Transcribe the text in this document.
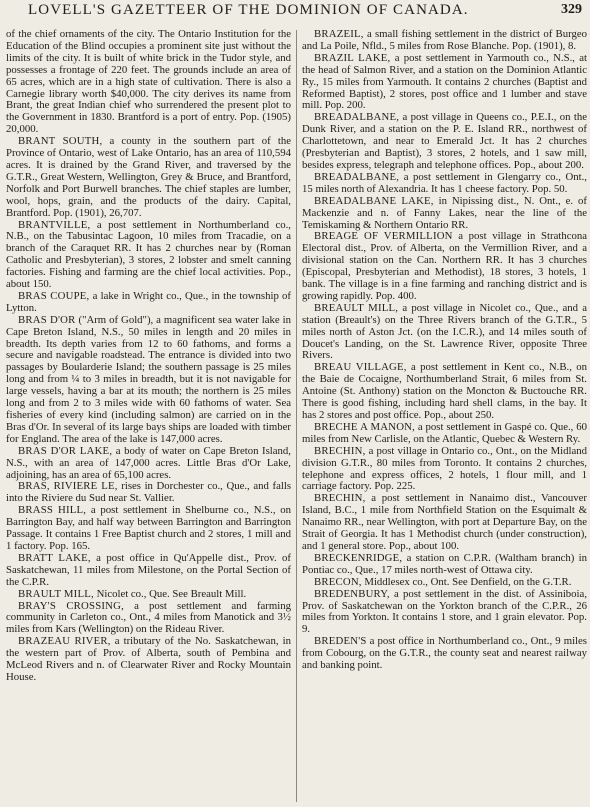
LOVELL'S GAZETTEER OF THE DOMINION OF CANADA.	329

of the chief ornaments of the city. The Ontario Institution for the Education of the Blind occupies a prominent site just without the limits of the city. It is built of white brick in the Tudor style, and possesses a frontage of 220 feet. The grounds include an area of 65 acres, which are in a high state of cultivation. There is also a Carnegie library worth $40,000. The city derives its name from Brant, the great Indian chief who surrendered the present plot to the Government in 1830. Brantford is a port of entry. Pop. (1905) 20,000.

BRANT SOUTH, a county in the southern part of the Province of Ontario, west of Lake Ontario, has an area of 110,594 acres. It is drained by the Grand River, and traversed by the G.T.R., Great Western, Wellington, Grey & Bruce, and Brantford, Norfolk and Port Burwell branches. The chief staples are lumber, wool, hops, grain, and the products of the dairy. Capital, Brantford. Pop. (1901), 26,707.

BRANTVILLE, a post settlement in Northumberland co., N.B., on the Tabusintac Lagoon, 10 miles from Tracadie, on a branch of the Caraquet RR. It has 2 churches near by (Roman Catholic and Presbyterian), 3 stores, 2 lobster and smelt canning factories. Fishing and farming are the chief local activities. Pop., about 150.

BRAS COUPE, a lake in Wright co., Que., in the township of Lytton.

BRAS D'OR ("Arm of Gold"), a magnificent sea water lake in Cape Breton Island, N.S., 50 miles in length and 20 miles in breadth. Its depth varies from 12 to 60 fathoms, and forms a secure and navigable roadstead. The entrance is divided into two passages by Boularderie Island; the southern passage is 25 miles long and from ¼ to 3 miles in breadth, but it is not navigable for large vessels, having a bar at its mouth; the northern is 25 miles long and from 2 to 3 miles wide with 60 fathoms of water. Sea fisheries of every kind (including salmon) are carried on in the Bras d'Or. In several of its large bays ships are loaded with timber for England. The area of the lake is 147,000 acres.

BRAS D'OR LAKE, a body of water on Cape Breton Island, N.S., with an area of 147,000 acres. Little Bras d'Or Lake, adjoining, has an area of 65,100 acres.

BRAS, RIVIERE LE, rises in Dorchester co., Que., and falls into the Riviere du Sud near St. Vallier.

BRASS HILL, a post settlement in Shelburne co., N.S., on Barrington Bay, and half way between Barrington and Barrington Passage. It contains 1 Free Baptist church and 2 stores, 1 mill and 1 factory. Pop. 165.

BRATT LAKE, a post office in Qu'Appelle dist., Prov. of Saskatchewan, 11 miles from Milestone, on the Portal Section of the C.P.R.

BRAULT MILL, Nicolet co., Que. See Breault Mill.

BRAY'S CROSSING, a post settlement and farming community in Carleton co., Ont., 4 miles from Manotick and 3½ miles from Kars (Wellington) on the Rideau River.

BRAZEAU RIVER, a tributary of the No. Saskatchewan, in the western part of Prov. of Alberta, south of Pembina and McLeod Rivers and n. of Clearwater River and Rocky Mountain House.

BRAZEIL, a small fishing settlement in the district of Burgeo and La Poile, Nfld., 5 miles from Rose Blanche. Pop. (1901), 8.

BRAZIL LAKE, a post settlement in Yarmouth co., N.S., at the head of Salmon River, and a station on the Dominion Atlantic Ry., 15 miles from Yarmouth. It contains 2 churches (Baptist and Reformed Baptist), 2 stores, post office and 1 lumber and stave mill. Pop. 200.

BREADALBANE, a post village in Queens co., P.E.I., on the Dunk River, and a station on the P. E. Island RR., northwest of Charlottetown, and near to Emerald Jct. It has 2 churches (Presbyterian and Baptist), 3 stores, 2 hotels, and 1 saw mill, besides express, telegraph and telephone offices. Pop., about 200.

BREADALBANE, a post settlement in Glengarry co., Ont., 15 miles north of Alexandria. It has 1 cheese factory. Pop. 50.

BREADALBANE LAKE, in Nipissing dist., N. Ont., e. of Mackenzie and n. of Fanny Lakes, near the line of the Temiskaming & Northern Ontario RR.

BREAGE OF VERMILLION a post village in Strathcona Electoral dist., Prov. of Alberta, on the Vermillion River, and a divisional station on the Can. Northern RR. It has 3 churches (Episcopal, Presbyterian and Methodist), 18 stores, 3 hotels, 1 bank. The village is in a fine farming and ranching district and is growing rapidly. Pop. 400.

BREAULT MILL, a post village in Nicolet co., Que., and a station (Breault's) on the Three Rivers branch of the G.T.R., 5 miles north of Aston Jct. (on the I.C.R.), and 14 miles south of Doucet's Landing, on the St. Lawrence River, opposite Three Rivers.

BREAU VILLAGE, a post settlement in Kent co., N.B., on the Baie de Cocaigne, Northumberland Strait, 6 miles from St. Antoine (St. Anthony) station on the Moncton & Buctouche RR. There is good fishing, including hard shell clams, in the bay. It has 2 stores and post office. Pop., about 250.

BRECHE A MANON, a post settlement in Gaspé co. Que., 60 miles from New Carlisle, on the Atlantic, Quebec & Western Ry.

BRECHIN, a post village in Ontario co., Ont., on the Midland division G.T.R., 80 miles from Toronto. It contains 2 churches, telephone and express offices, 2 hotels, 1 flour mill, and 1 carriage factory. Pop. 225.

BRECHIN, a post settlement in Nanaimo dist., Vancouver Island, B.C., 1 mile from Northfield Station on the Esquimalt & Nanaimo RR., near Wellington, with port at Departure Bay, on the Strait of Georgia. It has 1 Methodist church (under construction), and 1 general store. Pop., about 100.

BRECKENRIDGE, a station on C.P.R. (Waltham branch) in Pontiac co., Que., 17 miles north-west of Ottawa city.

BRECON, Middlesex co., Ont. See Denfield, on the G.T.R.

BREDENBURY, a post settlement in the dist. of Assiniboia, Prov. of Saskatchewan on the Yorkton branch of the C.P.R., 26 miles from Yorkton. It contains 1 store, and 1 grain elevator. Pop. 9.

BREDEN'S a post office in Northumberland co., Ont., 9 miles from Cobourg, on the G.T.R., the county seat and nearest railway and banking point.
